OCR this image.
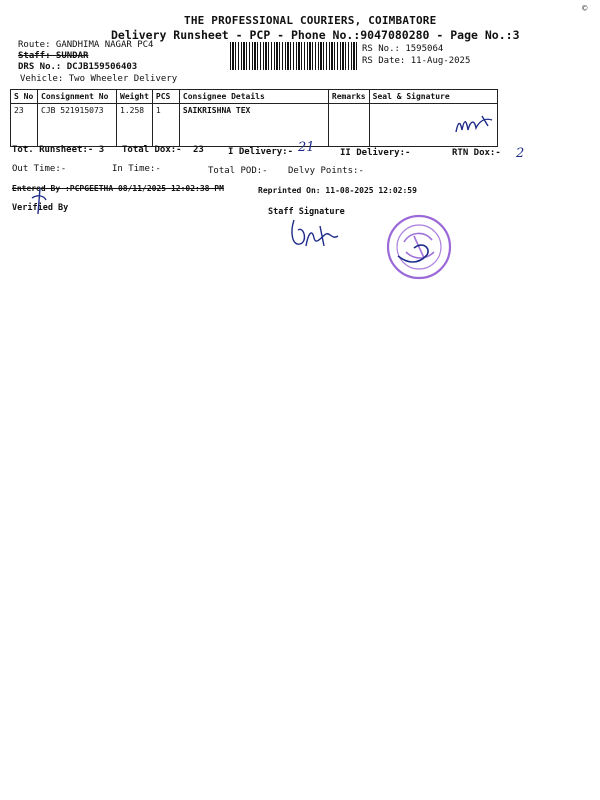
©
THE PROFESSIONAL COURIERS, COIMBATORE
Delivery Runsheet - PCP - Phone No.:9047080280 - Page No.:3
Route: GANDHIMA NAGAR PC4
Staff: SUNDAR
DRS No.: DCJB159506403
Vehicle: Two Wheeler Delivery
RS No.: 1595064
RS Date: 11-Aug-2025
S No	Consignment No	Weight	PCS	Consignee Details	Remarks	Seal & Signature
23	CJB 521915073	1.258	1	SAIKRISHNA TEX		
Tot. Runsheet:- 3 Total Dox:- 23	I Delivery:- 21	II Delivery:-	RTN Dox:- 2
Out Time:-	In Time:-	Total POD:- Delvy Points:-
Entered By :PCPGEETHA 08/11/2025 12:02:38 PM	Reprinted On: 11-08-2025 12:02:59
Verified By	Staff Signature
